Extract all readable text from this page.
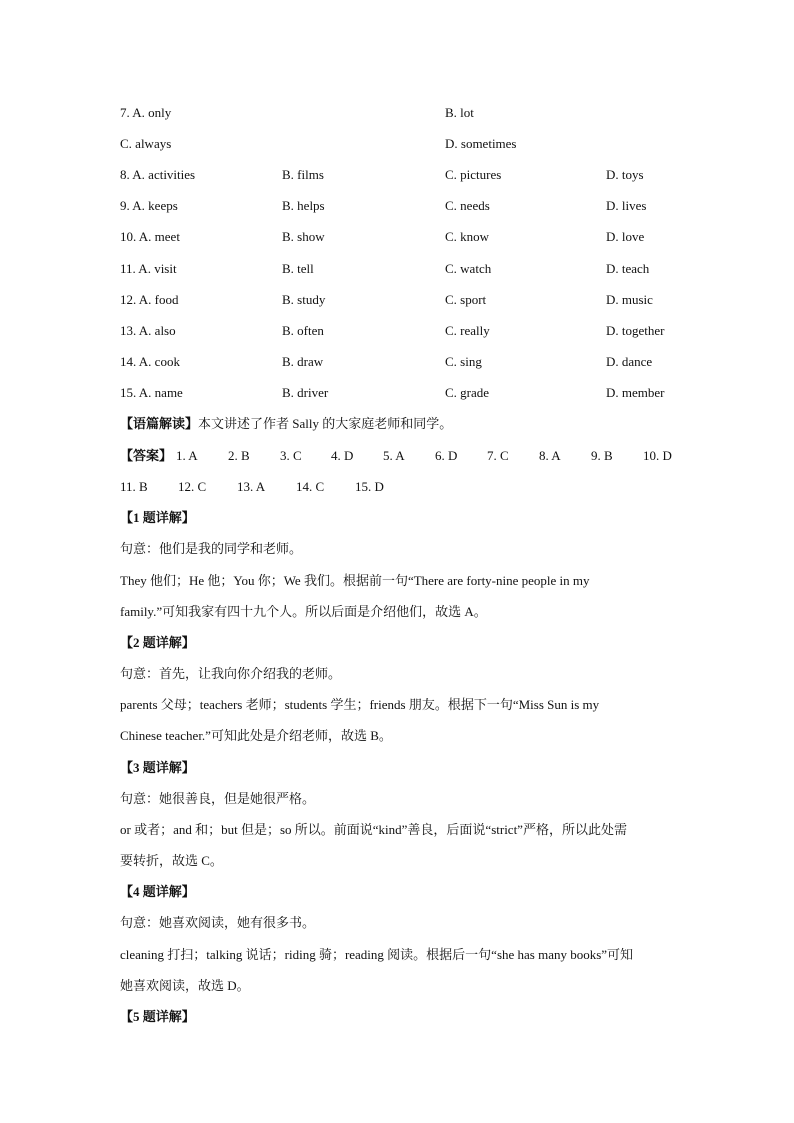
7. A. only	B. lot
C. always	D. sometimes
8. A. activities	B. films	C. pictures	D. toys
9. A. keeps	B. helps	C. needs	D. lives
10. A. meet	B. show	C. know	D. love
11. A. visit	B. tell	C. watch	D. teach
12. A. food	B. study	C. sport	D. music
13. A. also	B. often	C. really	D. together
14. A. cook	B. draw	C. sing	D. dance
15. A. name	B. driver	C. grade	D. member
【语篇解读】本文讲述了作者 Sally 的大家庭老师和同学。
【答案】 1. A 2. B 3. C 4. D 5. A 6. D 7. C 8. A 9. B 10. D
11. B 12. C 13. A 14. C 15. D
【1 题详解】
句意：他们是我的同学和老师。
They 他们；He 他；You 你；We 我们。根据前一句“There are forty-nine people in my
family.”可知我家有四十九个人。所以后面是介绍他们，故选 A。
【2 题详解】
句意：首先，让我向你介绍我的老师。
parents 父母；teachers 老师；students 学生；friends 朋友。根据下一句“Miss Sun is my
Chinese teacher.”可知此处是介绍老师，故选 B。
【3 题详解】
句意：她很善良，但是她很严格。
or 或者；and 和；but 但是；so 所以。前面说“kind”善良，后面说“strict”严格，所以此处需
要转折，故选 C。
【4 题详解】
句意：她喜欢阅读，她有很多书。
cleaning 打扫；talking 说话；riding 骑；reading 阅读。根据后一句“she has many books”可知
她喜欢阅读，故选 D。
【5 题详解】
